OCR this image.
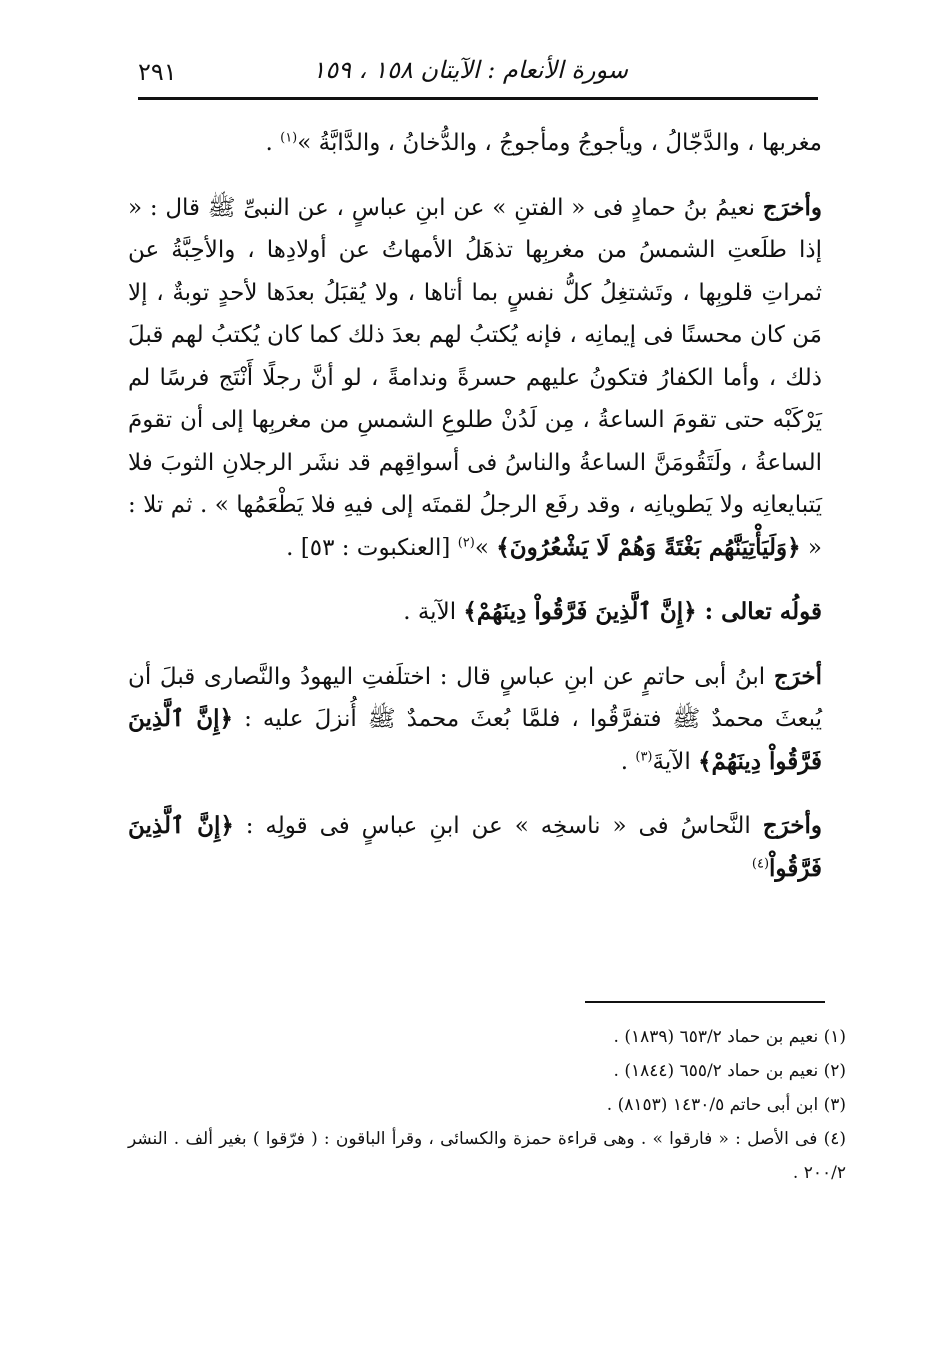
٢٩١	سورة الأنعام : الآيتان ١٥٨ ، ١٥٩

مغربها ، والدَّجّالُ ، ويأجوجُ ومأجوجُ ، والدُّخانُ ، والدَّابَّةُ »$^{(١)}$ .

وأخرَج نعيمُ بنُ حمادٍ فى « الفتنِ » عن ابنِ عباسٍ ، عن النبىِّ ﷺ قال : « إذا طلَعتِ الشمسُ من مغربِها تذهَلُ الأمهاتُ عن أولادِها ، والأحِبَّةُ عن ثمراتِ قلوبِها ، وتَشتغِلُ كلُّ نفسٍ بما أتاها ، ولا يُقبَلُ بعدَها لأحدٍ توبةٌ ، إلا مَن كان محسنًا فى إيمانِه ، فإنه يُكتبُ لهم بعدَ ذلك كما كان يُكتبُ لهم قبلَ ذلك ، وأما الكفارُ فتكونُ عليهم حسرةً وندامةً ، لو أنَّ رجلًا أَنْتَج فرسًا لم يَرْكَبْه حتى تقومَ الساعةُ ، مِن لَدُنْ طلوعِ الشمسِ من مغربِها إلى أن تقومَ الساعةُ ، ولَتَقُومَنَّ الساعةُ والناسُ فى أسواقِهم قد نشَر الرجلانِ الثوبَ فلا يَتبايعانِه ولا يَطويانِه ، وقد رفَع الرجلُ لقمتَه إلى فيهِ فلا يَطْعَمُها » . ثم تلا : « ﴿وَلَيَأْتِيَنَّهُم بَغْتَةً وَهُمْ لَا يَشْعُرُونَ﴾ »$^{(٢)}$ [العنكبوت : ٥٣] .

قولُه تعالى : ﴿إِنَّ ٱلَّذِينَ فَرَّقُواْ دِينَهُمْ﴾ الآية .

أخرَج ابنُ أبى حاتمٍ عن ابنِ عباسٍ قال : اختلَفتِ اليهودُ والنَّصارى قبلَ أن يُبعثَ محمدٌ ﷺ فتفرَّقُوا ، فلمَّا بُعثَ محمدٌ ﷺ أُنزلَ عليه : ﴿إِنَّ ٱلَّذِينَ فَرَّقُواْ دِينَهُمْ﴾ الآيةَ$^{(٣)}$ .

وأخرَج النَّحاسُ فى « ناسخِه » عن ابنِ عباسٍ فى قولِه : ﴿إِنَّ ٱلَّذِينَ فَرَّقُواْ$^{(٤)}$

(١) نعيم بن حماد ٦٥٣/٢ (١٨٣٩) .

(٢) نعيم بن حماد ٦٥٥/٢ (١٨٤٤) .

(٣) ابن أبى حاتم ١٤٣٠/٥ (٨١٥٣) .

(٤) فى الأصل : « فارقوا » . وهى قراءة حمزة والكسائى ، وقرأ الباقون : ( فرّقوا ) بغير ألف . النشر ٢٠٠/٢ .
